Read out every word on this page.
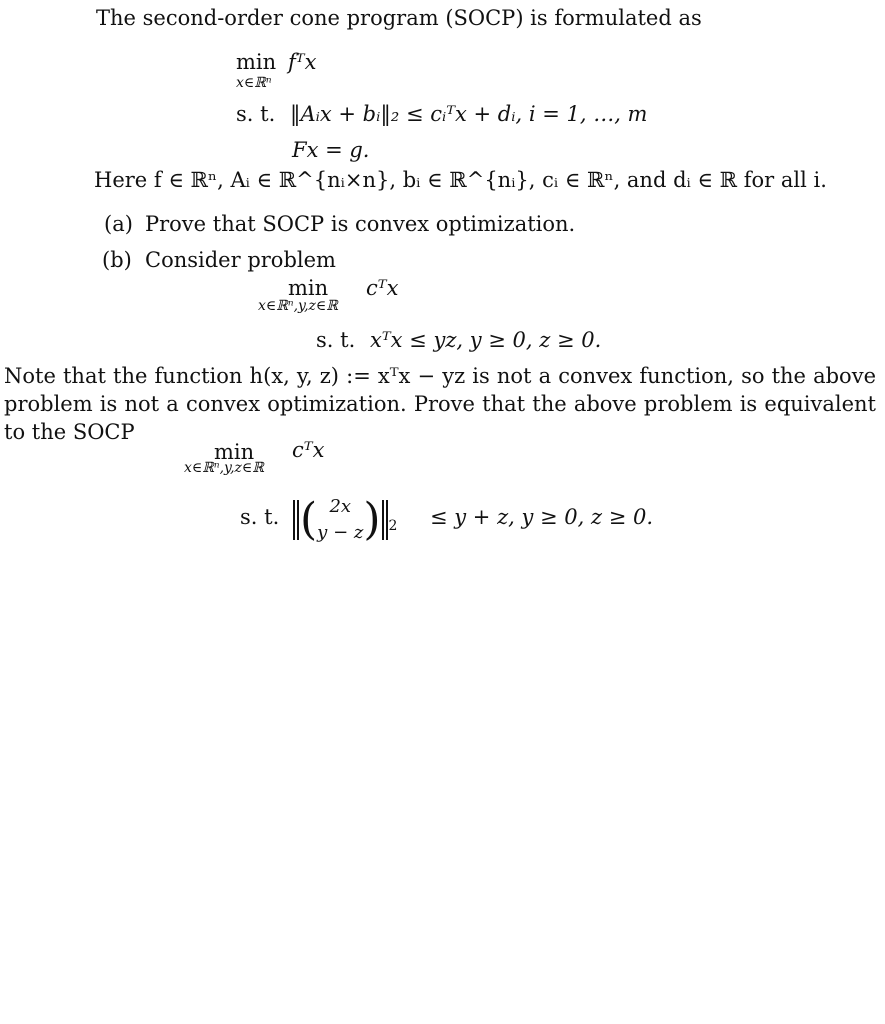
The second-order cone program (SOCP) is formulated as
min fᵀx
x∈ℝⁿ
s. t. ‖Aᵢx + bᵢ‖₂ ≤ cᵢᵀx + dᵢ, i = 1, …, m
Fx = g.
Here f ∈ ℝⁿ, Aᵢ ∈ ℝ^{nᵢ×n}, bᵢ ∈ ℝ^{nᵢ}, cᵢ ∈ ℝⁿ, and dᵢ ∈ ℝ for all i.
(a) Prove that SOCP is convex optimization.
(b) Consider problem
min cᵀx
x∈ℝⁿ,y,z∈ℝ
s. t. xᵀx ≤ yz, y ≥ 0, z ≥ 0.
Note that the function h(x, y, z) := xᵀx − yz is not a convex function, so the above problem is not a convex optimization. Prove that the above problem is equivalent to the SOCP
min cᵀx
x∈ℝⁿ,y,z∈ℝ
s. t. ( 2x
y − z ) 2 ≤ y + z, y ≥ 0, z ≥ 0.
